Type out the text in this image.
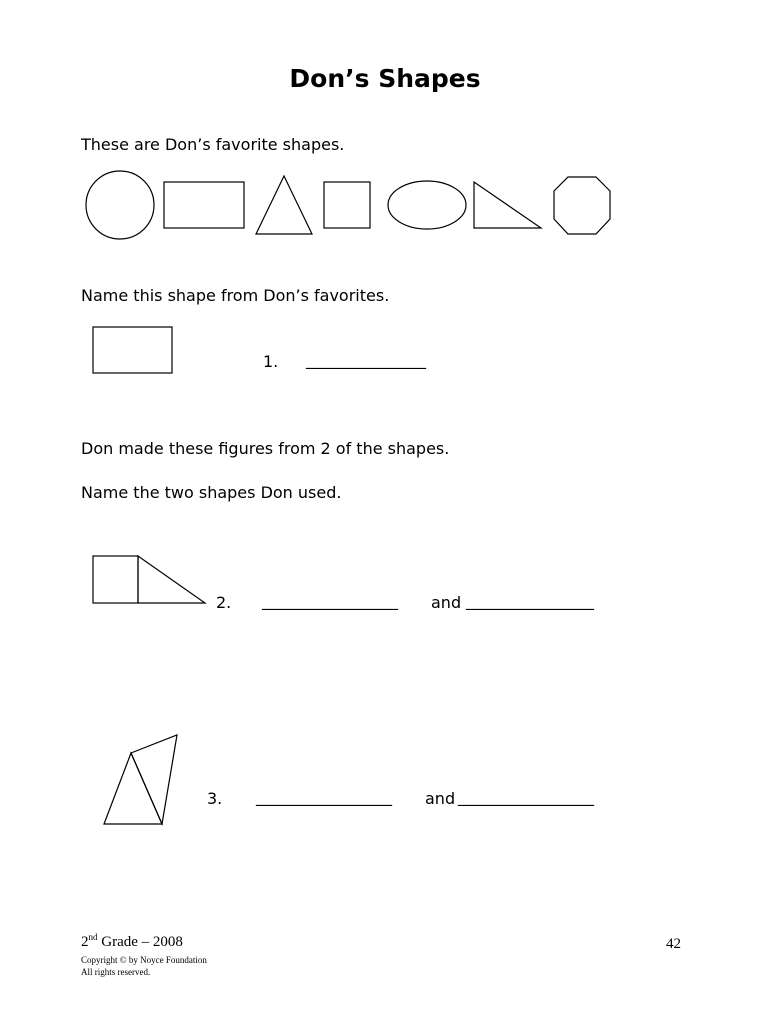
Don’s Shapes
These are Don’s favorite shapes.
Name this shape from Don’s favorites.
1. _______________
Don made these figures from 2 of the shapes.
Name the two shapes Don used.
2. _________________ and ________________
3. _________________ and _________________
2nd Grade – 2008
Copyright © by Noyce Foundation
All rights reserved.
42
